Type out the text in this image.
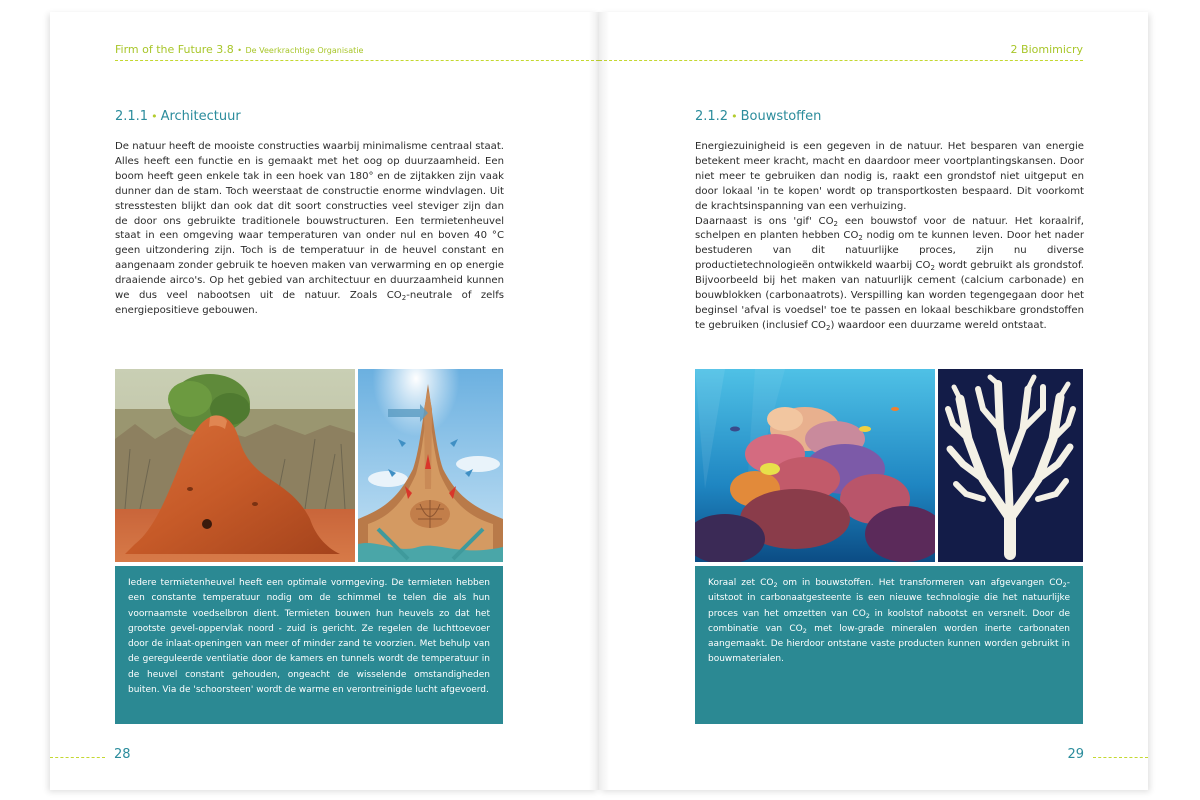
Firm of the Future 3.8 • De Veerkrachtige Organisatie
2.1.1 • Architectuur

De natuur heeft de mooiste constructies waarbij minimalisme centraal staat. Alles heeft een functie en is gemaakt met het oog op duurzaamheid. Een boom heeft geen enkele tak in een hoek van 180° en de zijtakken zijn vaak dunner dan de stam. Toch weerstaat de constructie enorme windvlagen. Uit stresstesten blijkt dan ook dat dit soort constructies veel steviger zijn dan de door ons gebruikte traditionele bouwstructuren. Een termietenheuvel staat in een omgeving waar temperaturen van onder nul en boven 40 °C geen uitzondering zijn. Toch is de temperatuur in de heuvel constant en aangenaam zonder gebruik te hoeven maken van verwarming en op energie draaiende airco's. Op het gebied van architectuur en duurzaamheid kunnen we dus veel nabootsen uit de natuur. Zoals $CO_2$-neutrale of zelfs energiepositieve gebouwen.

Iedere termietenheuvel heeft een optimale vormgeving. De termieten hebben een constante temperatuur nodig om de schimmel te telen die als hun voornaamste voedselbron dient. Termieten bouwen hun heuvels zo dat het grootste gevel-oppervlak noord - zuid is gericht. Ze regelen de luchttoevoer door de inlaat-openingen van meer of minder zand te voorzien. Met behulp van de gereguleerde ventilatie door de kamers en tunnels wordt de temperatuur in de heuvel constant gehouden, ongeacht de wisselende omstandigheden buiten. Via de 'schoorsteen' wordt de warme en verontreinigde lucht afgevoerd.
28
2 Biomimicry
2.1.2 • Bouwstoffen

Energiezuinigheid is een gegeven in de natuur. Het besparen van energie betekent meer kracht, macht en daardoor meer voortplantingskansen. Door niet meer te gebruiken dan nodig is, raakt een grondstof niet uitgeput en door lokaal 'in te kopen' wordt op transportkosten bespaard. Dit voorkomt de krachtsinspanning van een verhuizing.

Daarnaast is ons 'gif' $CO_2$ een bouwstof voor de natuur. Het koraalrif, schelpen en planten hebben $CO_2$ nodig om te kunnen leven. Door het nader bestuderen van dit natuurlijke proces, zijn nu diverse productietechnologieën ontwikkeld waarbij $CO_2$ wordt gebruikt als grondstof. Bijvoorbeeld bij het maken van natuurlijk cement (calcium carbonade) en bouwblokken (carbonaatrots). Verspilling kan worden tegengegaan door het beginsel 'afval is voedsel' toe te passen en lokaal beschikbare grondstoffen te gebruiken (inclusief $CO_2$) waardoor een duurzame wereld ontstaat.

Koraal zet $CO_2$ om in bouwstoffen. Het transformeren van afgevangen $CO_2$-uitstoot in carbonaatgesteente is een nieuwe technologie die het natuurlijke proces van het omzetten van $CO_2$ in koolstof nabootst en versnelt. Door de combinatie van $CO_2$ met low-grade mineralen worden inerte carbonaten aangemaakt. De hierdoor ontstane vaste producten kunnen worden gebruikt in bouwmaterialen.
29
